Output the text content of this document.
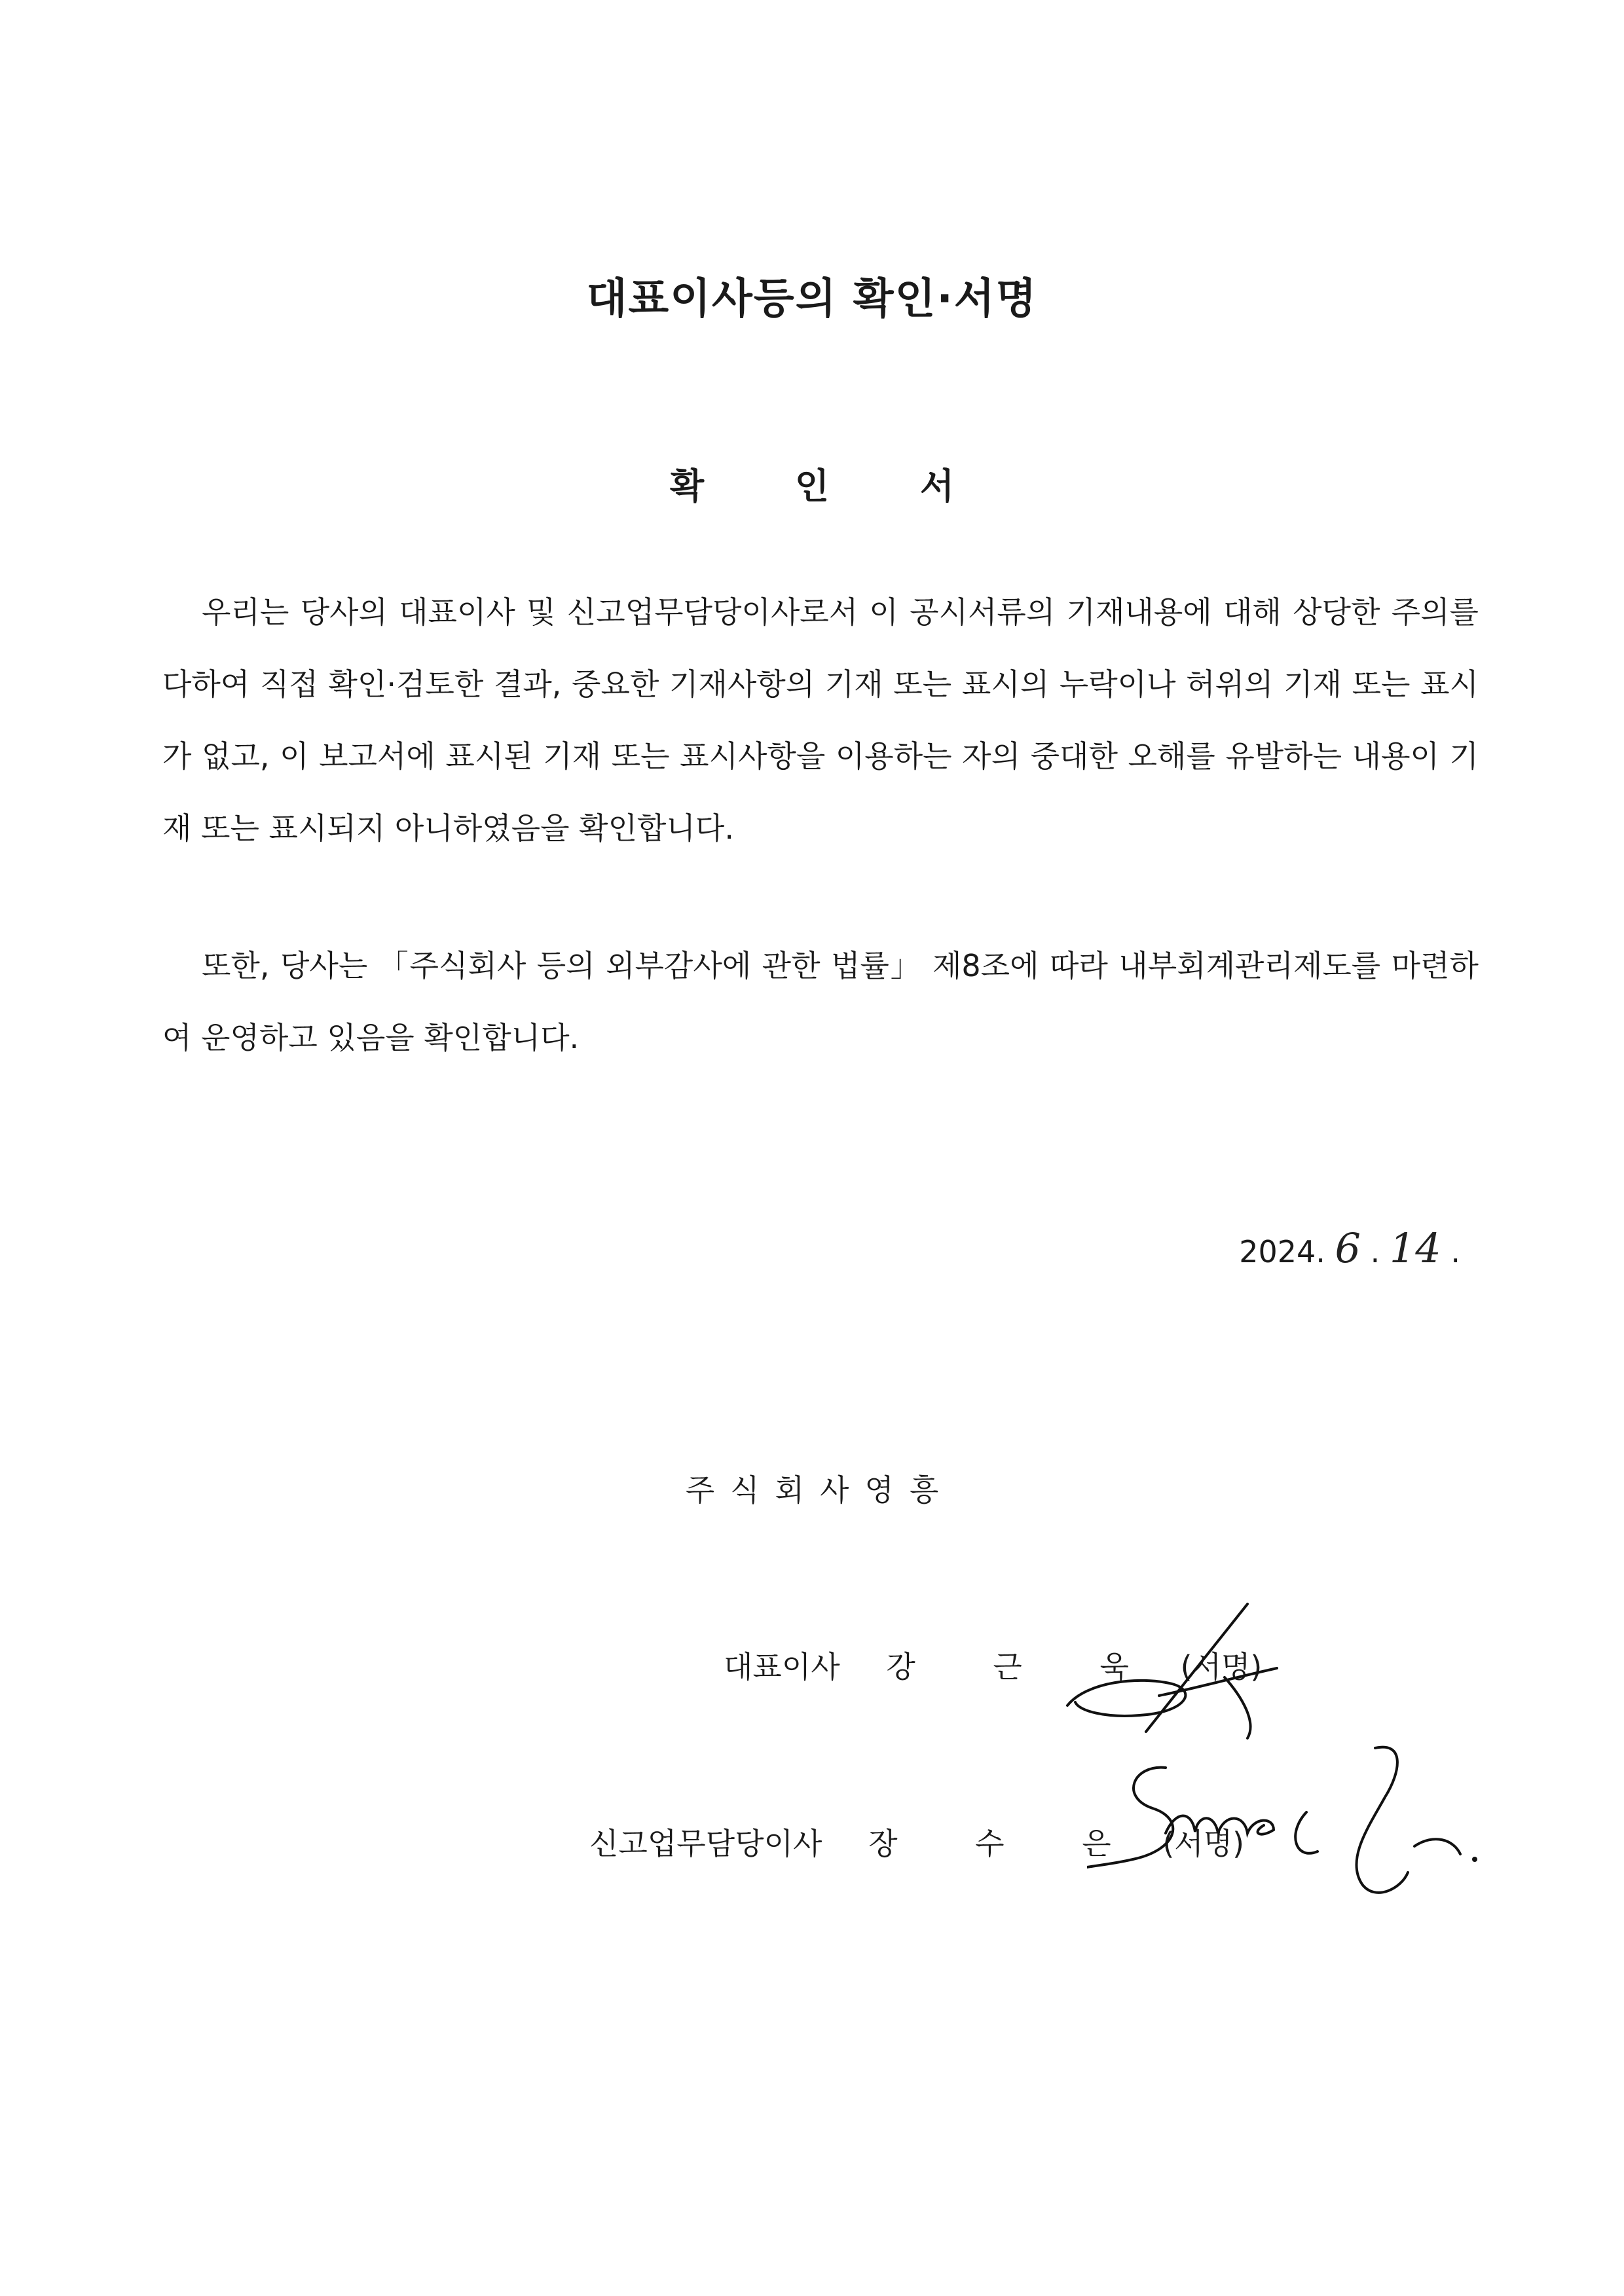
대표이사등의 확인·서명
확 인 서

우리는 당사의 대표이사 및 신고업무담당이사로서 이 공시서류의 기재내용에 대해 상당한 주의를 다하여 직접 확인·검토한 결과, 중요한 기재사항의 기재 또는 표시의 누락이나 허위의 기재 또는 표시가 없고, 이 보고서에 표시된 기재 또는 표시사항을 이용하는 자의 중대한 오해를 유발하는 내용이 기재 또는 표시되지 아니하였음을 확인합니다.

또한, 당사는 「주식회사 등의 외부감사에 관한 법률」 제8조에 따라 내부회계관리제도를 마련하여 운영하고 있음을 확인합니다.

2024. 6 . 14 .
주식회사영흥
대표이사 강 근 욱 (서명)
신고업무담당이사 장 수 은 (서명)
